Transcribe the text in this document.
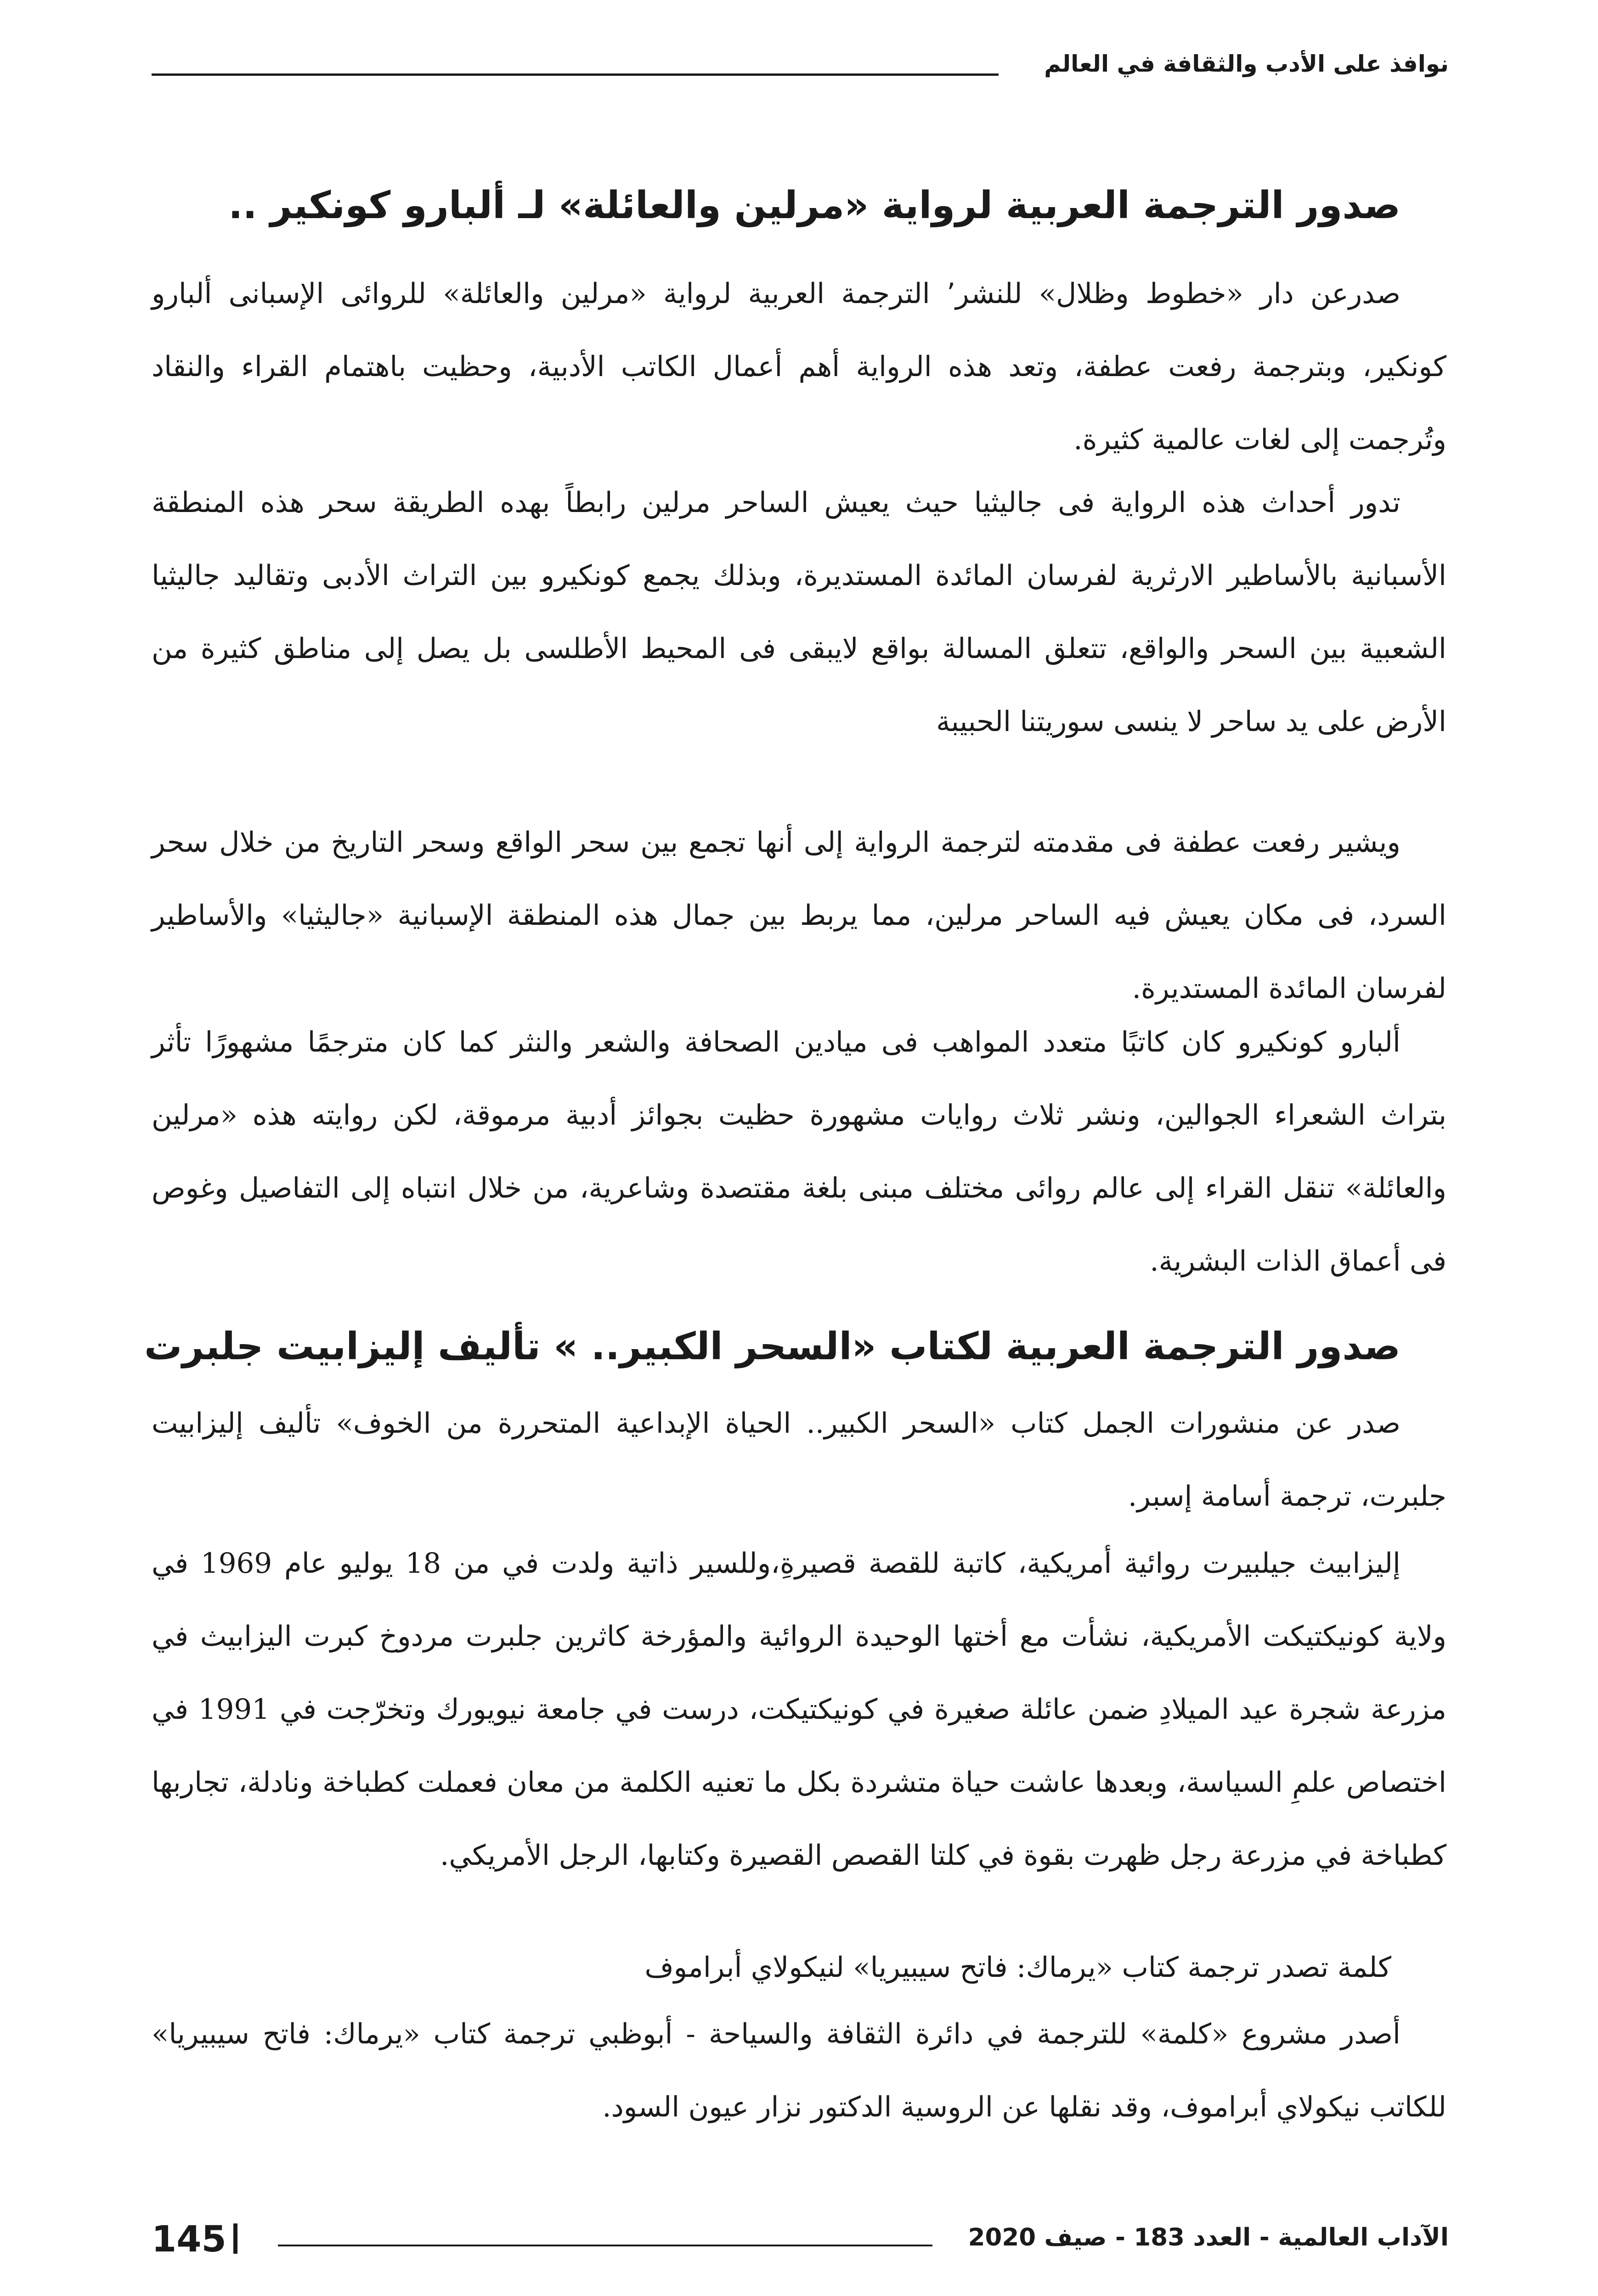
نوافذ على الأدب والثقافة في العالم
صدور الترجمة العربية لرواية «مرلين والعائلة» لـ ألبارو كونكير ..

صدرعن دار «خطوط وظلال» للنشر٬ الترجمة العربية لرواية «مرلين والعائلة» للروائى الإسبانى ألبارو كونكير، وبترجمة رفعت عطفة، وتعد هذه الرواية أهم أعمال الكاتب الأدبية، وحظيت باهتمام القراء والنقاد وتُرجمت إلى لغات عالمية كثيرة.

تدور أحداث هذه الرواية فى جاليثيا حيث يعيش الساحر مرلين رابطاً بهده الطريقة سحر هذه المنطقة الأسبانية بالأساطير الارثرية لفرسان المائدة المستديرة، وبذلك يجمع كونكيرو بين التراث الأدبى وتقاليد جاليثيا الشعبية بين السحر والواقع، تتعلق المسالة بواقع لايبقى فى المحيط الأطلسى بل يصل إلى مناطق كثيرة من الأرض على يد ساحر لا ينسى سوريتنا الحبيبة

ويشير رفعت عطفة فى مقدمته لترجمة الرواية إلى أنها تجمع بين سحر الواقع وسحر التاريخ من خلال سحر السرد، فى مكان يعيش فيه الساحر مرلين، مما يربط بين جمال هذه المنطقة الإسبانية «جاليثيا» والأساطير لفرسان المائدة المستديرة.

ألبارو كونكيرو كان كاتبًا متعدد المواهب فى ميادين الصحافة والشعر والنثر كما كان مترجمًا مشهورًا تأثر بتراث الشعراء الجوالين، ونشر ثلاث روايات مشهورة حظيت بجوائز أدبية مرموقة، لكن روايته هذه «مرلين والعائلة» تنقل القراء إلى عالم روائى مختلف مبنى بلغة مقتصدة وشاعرية، من خلال انتباه إلى التفاصيل وغوص فى أعماق الذات البشرية.

صدور الترجمة العربية لكتاب «السحر الكبير.. » تأليف إليزابيت جلبرت

صدر عن منشورات الجمل كتاب «السحر الكبير.. الحياة الإبداعية المتحررة من الخوف» تأليف إليزابيت جلبرت، ترجمة أسامة إسبر.

إليزابيث جيلبيرت روائية أمريكية، كاتبة للقصة قصيرةِ،وللسير ذاتية ولدت في من 18 يوليو عام 1969 في ولاية كونيكتيكت الأمريكية، نشأت مع أختها الوحيدة الروائية والمؤرخة كاثرين جلبرت مردوخ كبرت اليزابيث في مزرعة شجرة عيد الميلادِ ضمن عائلة صغيرة في كونيكتيكت، درست في جامعة نيويورك وتخرّجت في 1991 في اختصاص علمِ السياسة، وبعدها عاشت حياة متشردة بكل ما تعنيه الكلمة من معان فعملت كطباخة ونادلة، تجاربها كطباخة في مزرعة رجل ظهرت بقوة في كلتا القصص القصيرة وكتابها، الرجل الأمريكي.

كلمة تصدر ترجمة كتاب «يرماك: فاتح سيبيريا» لنيكولاي أبراموف

أصدر مشروع «كلمة» للترجمة في دائرة الثقافة والسياحة - أبوظبي ترجمة كتاب «يرماك: فاتح سيبيريا» للكاتب نيكولاي أبراموف، وقد نقلها عن الروسية الدكتور نزار عيون السود.

145	الآداب العالمية - العدد 183 - صيف 2020
